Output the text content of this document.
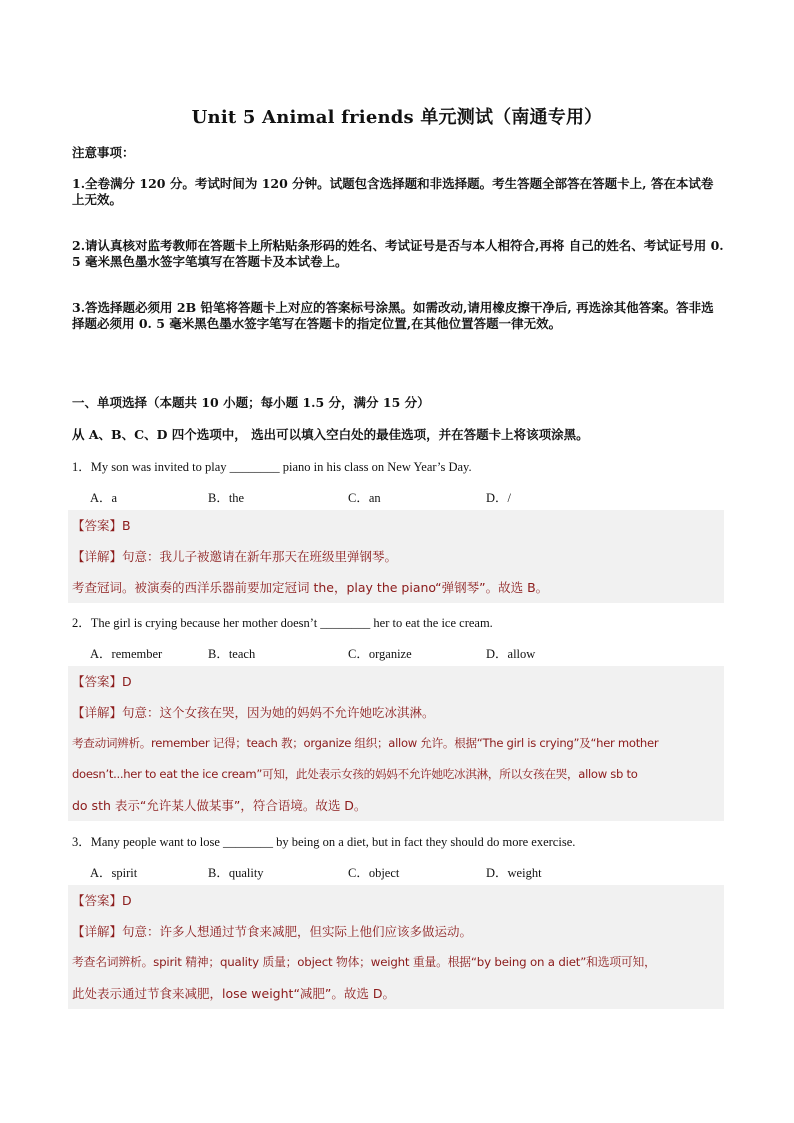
Unit 5 Animal friends 单元测试（南通专用）
注意事项：
1.全卷满分 120 分。考试时间为 120 分钟。试题包含选择题和非选择题。考生答题全部答在答题卡上, 答在本试卷上无效。
2.请认真核对监考教师在答题卡上所粘贴条形码的姓名、考试证号是否与本人相符合,再将 自己的姓名、考试证号用 0. 5 毫米黑色墨水签字笔填写在答题卡及本试卷上。
3.答选择题必须用 2B 铅笔将答题卡上对应的答案标号涂黑。如需改动,请用橡皮擦干净后, 再选涂其他答案。答非选择题必须用 0. 5 毫米黑色墨水签字笔写在答题卡的指定位置,在其他位置答题一律无效。
一、单项选择（本题共 10 小题；每小题 1.5 分，满分 15 分）
从 A、B、C、D 四个选项中， 选出可以填入空白处的最佳选项，并在答题卡上将该项涂黑。
1．My son was invited to play ________ piano in his class on New Year’s Day.
A．a	B．the	C．an	D．/
【答案】B
【详解】句意：我儿子被邀请在新年那天在班级里弹钢琴。
考查冠词。被演奏的西洋乐器前要加定冠词 the，play the piano“弹钢琴”。故选 B。
2．The girl is crying because her mother doesn’t ________ her to eat the ice cream.
A．remember	B．teach	C．organize	D．allow
【答案】D
【详解】句意：这个女孩在哭，因为她的妈妈不允许她吃冰淇淋。
考查动词辨析。remember 记得；teach 教；organize 组织；allow 允许。根据“The girl is crying”及“her mother
doesn’t...her to eat the ice cream”可知，此处表示女孩的妈妈不允许她吃冰淇淋，所以女孩在哭，allow sb to
do sth 表示“允许某人做某事”，符合语境。故选 D。
3．Many people want to lose ________ by being on a diet, but in fact they should do more exercise.
A．spirit	B．quality	C．object	D．weight
【答案】D
【详解】句意：许多人想通过节食来减肥，但实际上他们应该多做运动。
考查名词辨析。spirit 精神；quality 质量；object 物体；weight 重量。根据“by being on a diet”和选项可知，
此处表示通过节食来减肥，lose weight“减肥”。故选 D。
